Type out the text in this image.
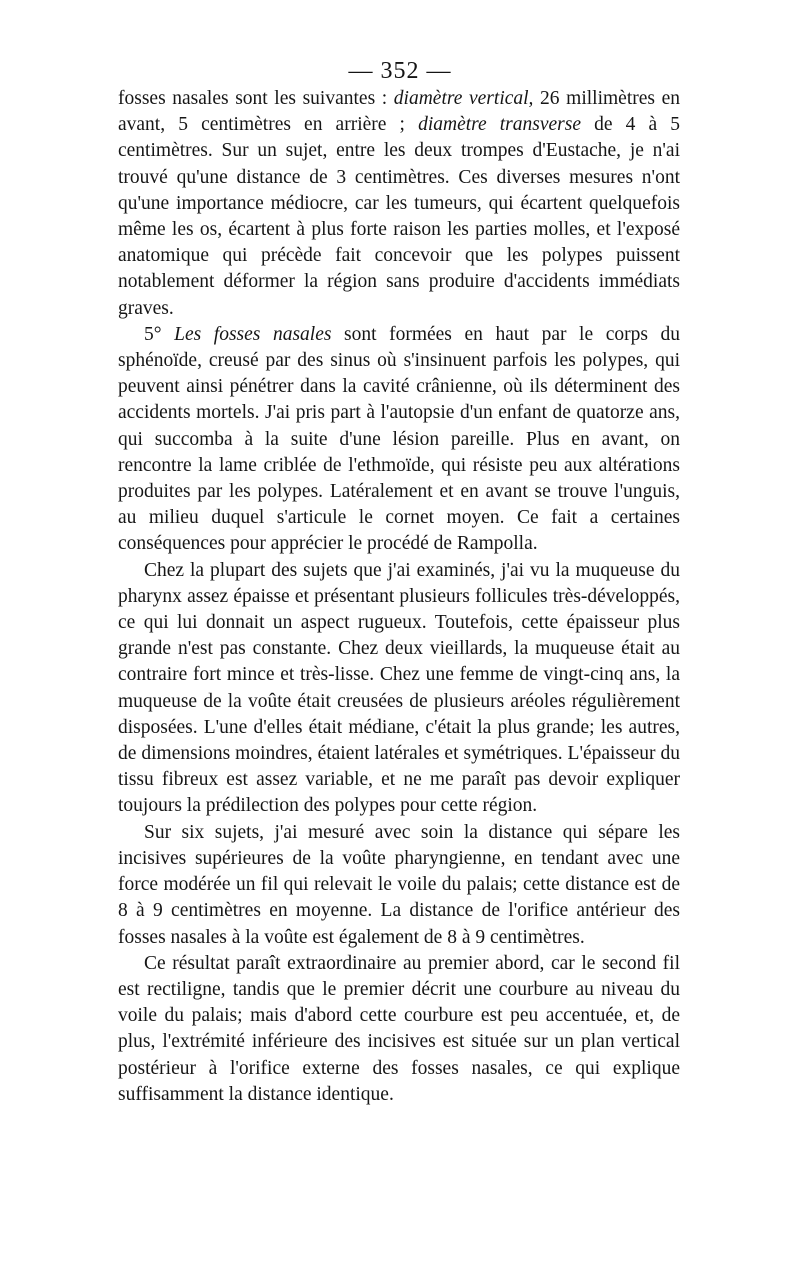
— 352 —

fosses nasales sont les suivantes : diamètre vertical, 26 millimètres en avant, 5 centimètres en arrière ; diamètre transverse de 4 à 5 centimètres. Sur un sujet, entre les deux trompes d'Eustache, je n'ai trouvé qu'une distance de 3 centimètres. Ces diverses mesures n'ont qu'une importance médiocre, car les tumeurs, qui écartent quelquefois même les os, écartent à plus forte raison les parties molles, et l'exposé anatomique qui précède fait concevoir que les polypes puissent notablement déformer la région sans produire d'accidents immédiats graves.

5° Les fosses nasales sont formées en haut par le corps du sphénoïde, creusé par des sinus où s'insinuent parfois les polypes, qui peuvent ainsi pénétrer dans la cavité crânienne, où ils déterminent des accidents mortels. J'ai pris part à l'autopsie d'un enfant de quatorze ans, qui succomba à la suite d'une lésion pareille. Plus en avant, on rencontre la lame criblée de l'ethmoïde, qui résiste peu aux altérations produites par les polypes. Latéralement et en avant se trouve l'unguis, au milieu duquel s'articule le cornet moyen. Ce fait a certaines conséquences pour apprécier le procédé de Rampolla.

Chez la plupart des sujets que j'ai examinés, j'ai vu la muqueuse du pharynx assez épaisse et présentant plusieurs follicules très-développés, ce qui lui donnait un aspect rugueux. Toutefois, cette épaisseur plus grande n'est pas constante. Chez deux vieillards, la muqueuse était au contraire fort mince et très-lisse. Chez une femme de vingt-cinq ans, la muqueuse de la voûte était creusées de plusieurs aréoles régulièrement disposées. L'une d'elles était médiane, c'était la plus grande; les autres, de dimensions moindres, étaient latérales et symétriques. L'épaisseur du tissu fibreux est assez variable, et ne me paraît pas devoir expliquer toujours la prédilection des polypes pour cette région.

Sur six sujets, j'ai mesuré avec soin la distance qui sépare les incisives supérieures de la voûte pharyngienne, en tendant avec une force modérée un fil qui relevait le voile du palais; cette distance est de 8 à 9 centimètres en moyenne. La distance de l'orifice antérieur des fosses nasales à la voûte est également de 8 à 9 centimètres.

Ce résultat paraît extraordinaire au premier abord, car le second fil est rectiligne, tandis que le premier décrit une courbure au niveau du voile du palais; mais d'abord cette courbure est peu accentuée, et, de plus, l'extrémité inférieure des incisives est située sur un plan vertical postérieur à l'orifice externe des fosses nasales, ce qui explique suffisamment la distance identique.
